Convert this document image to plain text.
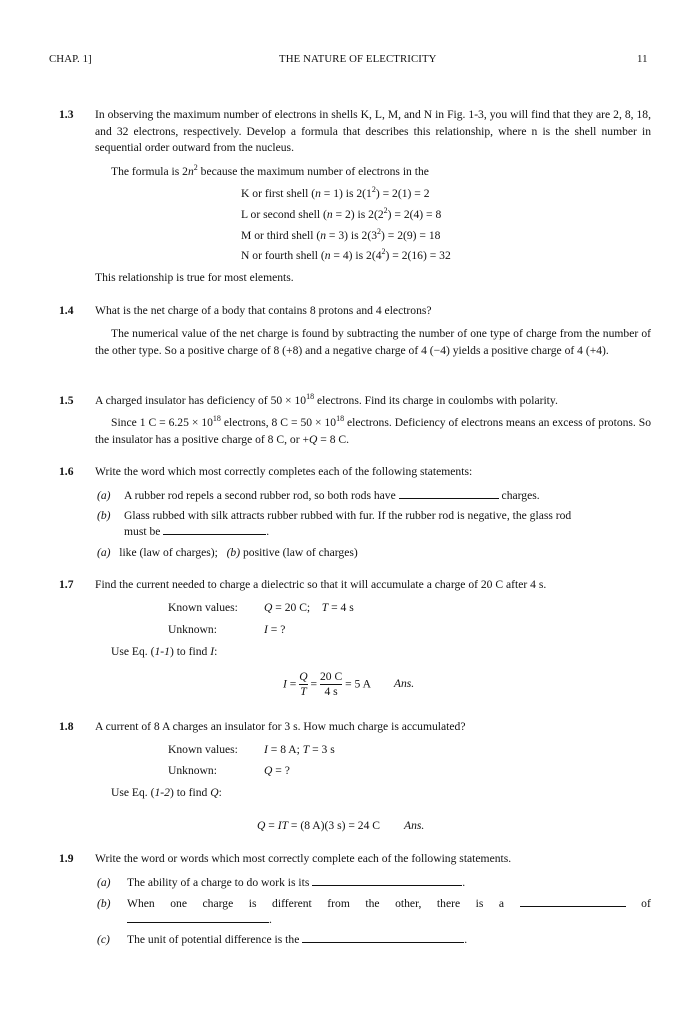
CHAP. 1]	THE NATURE OF ELECTRICITY	11
1.3 In observing the maximum number of electrons in shells K, L, M, and N in Fig. 1-3, you will find that they are 2, 8, 18, and 32 electrons, respectively. Develop a formula that describes this relationship, where n is the shell number in sequential order outward from the nucleus.
The formula is $2n^2$ because the maximum number of electrons in the
K or first shell (n = 1) is $2(1^2) = 2(1) = 2$
L or second shell (n = 2) is $2(2^2) = 2(4) = 8$
M or third shell (n = 3) is $2(3^2) = 2(9) = 18$
N or fourth shell (n = 4) is $2(4^2) = 2(16) = 32$
This relationship is true for most elements.
1.4 What is the net charge of a body that contains 8 protons and 4 electrons?
The numerical value of the net charge is found by subtracting the number of one type of charge from the number of the other type. So a positive charge of 8 (+8) and a negative charge of 4 (−4) yields a positive charge of 4 (+4).
1.5 A charged insulator has deficiency of $50 \times 10^{18}$ electrons. Find its charge in coulombs with polarity.
Since 1 $C = 6.25 \times 10^{18}$ electrons, 8 $C = 50 \times 10^{18}$ electrons. Deficiency of electrons means an excess of protons. So the insulator has a positive charge of 8 C, or +Q = 8 C.
1.6 Write the word which most correctly completes each of the following statements:
(a) A rubber rod repels a second rubber rod, so both rods have	charges.
(b) Glass rubbed with silk attracts rubber rubbed with fur. If the rubber rod is negative, the glass rod
must be	.
(a) like (law of charges); (b) positive (law of charges)
1.7 Find the current needed to charge a dielectric so that it will accumulate a charge of 20 C after 4 s.
Known values: Q = 20 C; T = 4 s
Unknown:	I = ?
Use Eq. (1-1) to find I:
$I = \frac{Q}{T} = \frac{20 C}{4 s} = 5$ A Ans.
1.8 A current of 8 A charges an insulator for 3 s. How much charge is accumulated?
Known values: I = 8 A; T = 3 s
Unknown:	Q = ?
Use Eq. (1-2) to find Q:
Q = IT = (8 A)(3 s) = 24 C Ans.
1.9 Write the word or words which most correctly complete each of the following statements.
(a) The ability of a charge to do work is its	.
(b) When one charge is different from the other, there is a	of
.
(c) The unit of potential difference is the	.
